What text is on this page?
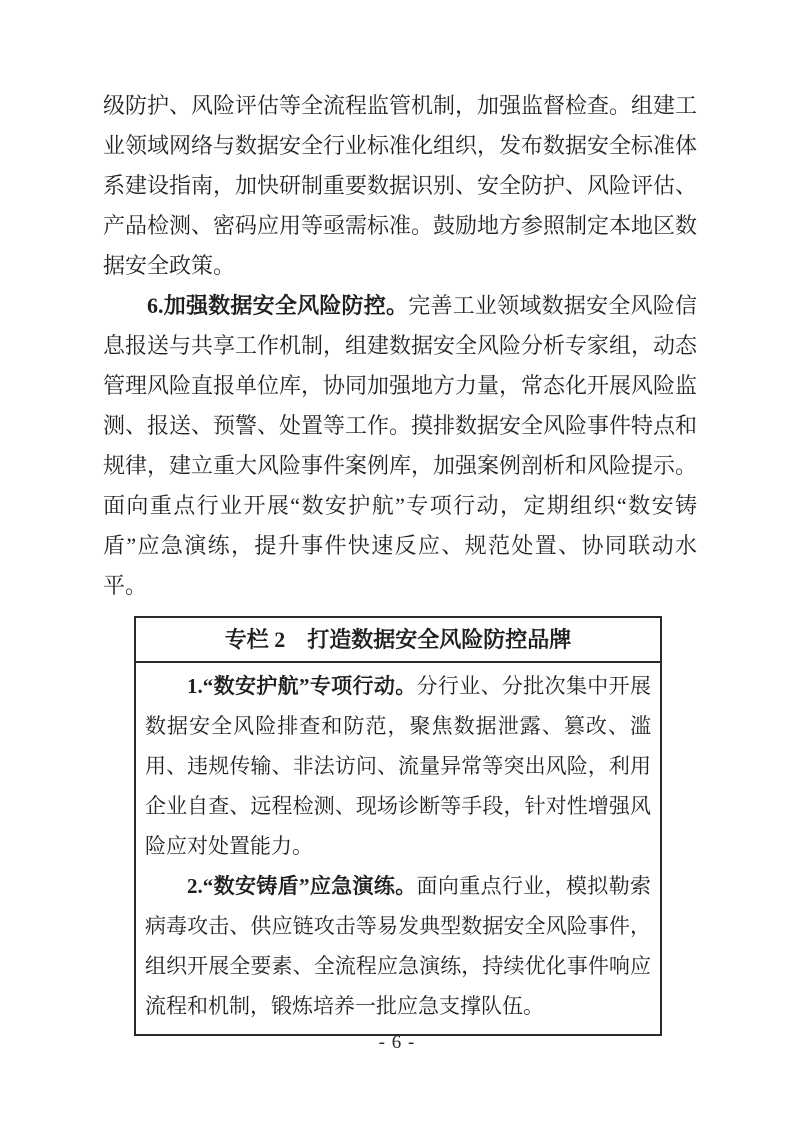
级防护、风险评估等全流程监管机制，加强监督检查。组建工业领域网络与数据安全行业标准化组织，发布数据安全标准体系建设指南，加快研制重要数据识别、安全防护、风险评估、产品检测、密码应用等亟需标准。鼓励地方参照制定本地区数据安全政策。

6.加强数据安全风险防控。完善工业领域数据安全风险信息报送与共享工作机制，组建数据安全风险分析专家组，动态管理风险直报单位库，协同加强地方力量，常态化开展风险监测、报送、预警、处置等工作。摸排数据安全风险事件特点和规律，建立重大风险事件案例库，加强案例剖析和风险提示。面向重点行业开展“数安护航”专项行动，定期组织“数安铸盾”应急演练，提升事件快速反应、规范处置、协同联动水平。

专栏 2　打造数据安全风险防控品牌

1.“数安护航”专项行动。分行业、分批次集中开展数据安全风险排查和防范，聚焦数据泄露、篡改、滥用、违规传输、非法访问、流量异常等突出风险，利用企业自查、远程检测、现场诊断等手段，针对性增强风险应对处置能力。

2.“数安铸盾”应急演练。面向重点行业，模拟勒索病毒攻击、供应链攻击等易发典型数据安全风险事件，组织开展全要素、全流程应急演练，持续优化事件响应流程和机制，锻炼培养一批应急支撑队伍。

- 6 -
